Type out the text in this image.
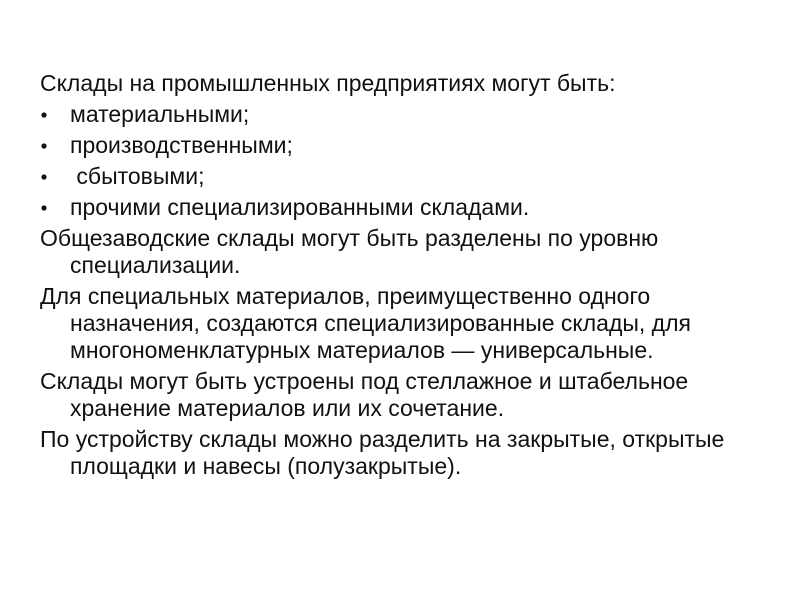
Склады на промышленных предприятиях могут быть:

материальными;
производственными;
сбытовыми;
прочими специализированными складами.

Общезаводские склады могут быть разделены по уровню специализации.

Для специальных материалов, преимущественно одного назначения, создаются специализированные склады, для многономенклатурных материалов — универсальные.

Склады могут быть устроены под стеллажное и штабельное хранение материалов или их сочетание.

По устройству склады можно разделить на закрытые, открытые площадки и навесы (полузакрытые).
